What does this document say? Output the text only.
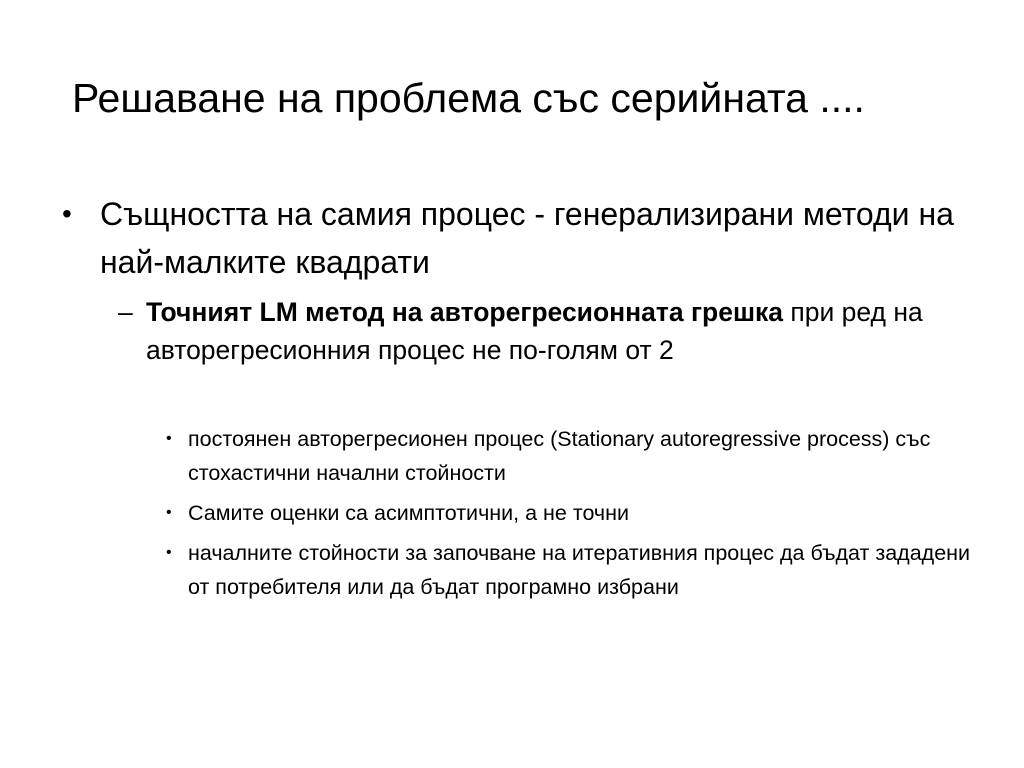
Решаване на проблема със серийната ....
• Същността на самия процес - генерализирани методи на най-малките квадрати
– Точният LM метод на авторегресионната грешка при ред на авторегресионния процес не по-голям от 2
• постоянен авторегресионен процес (Stationary autoregressive process) със стохастични начални стойности
• Самите оценки са асимптотични, а не точни
• началните стойности за започване на итеративния процес да бъдат зададени от потребителя или да бъдат програмно избрани
